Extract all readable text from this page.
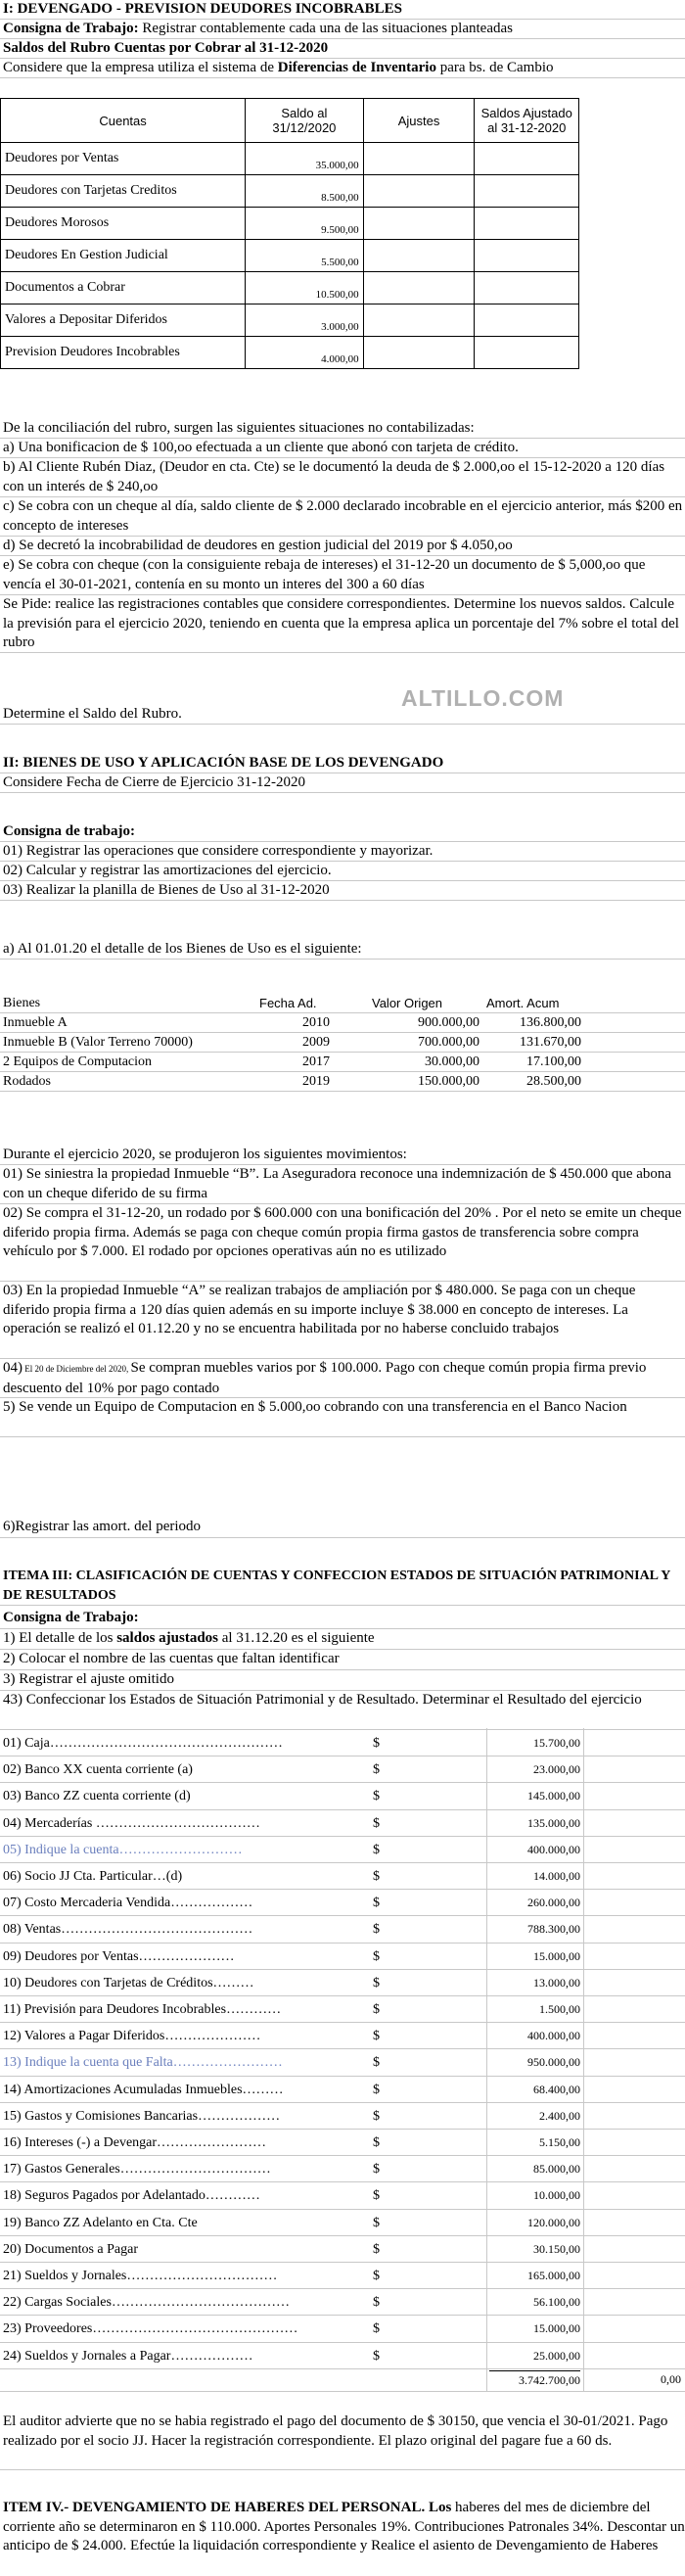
I: DEVENGADO - PREVISION DEUDORES INCOBRABLES
Consigna de Trabajo: Registrar contablemente cada una de las situaciones planteadas
Saldos del Rubro Cuentas por Cobrar al 31-12-2020
Considere que la empresa utiliza el sistema de Diferencias de Inventario para bs. de Cambio
Cuentas	Saldo al 31/12/2020	Ajustes	Saldos Ajustado al 31-12-2020
Deudores por Ventas	35.000,00		
Deudores con Tarjetas Creditos	8.500,00		
Deudores Morosos	9.500,00		
Deudores En Gestion Judicial	5.500,00		
Documentos a Cobrar	10.500,00		
Valores a Depositar Diferidos	3.000,00		
Prevision Deudores Incobrables	4.000,00		
De la conciliación del rubro, surgen las siguientes situaciones no contabilizadas:
a) Una bonificacion de $ 100,oo efectuada a un cliente que abonó con tarjeta de crédito.
b) Al Cliente Rubén Diaz, (Deudor en cta. Cte) se le documentó la deuda de $ 2.000,oo el 15-12-2020 a 120 días con un interés de $ 240,oo
c) Se cobra con un cheque al día, saldo cliente de $ 2.000 declarado incobrable en el ejercicio anterior, más $200 en concepto de intereses
d) Se decretó la incobrabilidad de deudores en gestion judicial del 2019 por $ 4.050,oo
e) Se cobra con cheque (con la consiguiente rebaja de intereses) el 31-12-20 un documento de $ 5,000,oo que vencía el 30-01-2021, contenía en su monto un interes del 300 a 60 días
Se Pide: realice las registraciones contables que considere correspondientes. Determine los nuevos saldos. Calcule la previsión para el ejercicio 2020, teniendo en cuenta que la empresa aplica un porcentaje del 7% sobre el total del rubro
Determine el Saldo del Rubro.
ALTILLO.COM
II: BIENES DE USO Y APLICACIÓN BASE DE LOS DEVENGADO
Considere Fecha de Cierre de Ejercicio 31-12-2020
Consigna de trabajo:
01) Registrar las operaciones que considere correspondiente y mayorizar.
02) Calcular y registrar las amortizaciones del ejercicio.
03) Realizar la planilla de Bienes de Uso al 31-12-2020
a) Al 01.01.20 el detalle de los Bienes de Uso es el siguiente:
Bienes	Fecha Ad.	Valor Origen	Amort. Acum
Inmueble A	2010	900.000,00	136.800,00
Inmueble B (Valor Terreno 70000)	2009	700.000,00	131.670,00
2 Equipos de Computacion	2017	30.000,00	17.100,00
Rodados	2019	150.000,00	28.500,00
Durante el ejercicio 2020, se produjeron los siguientes movimientos:
01) Se siniestra la propiedad Inmueble “B”. La Aseguradora reconoce una indemnización de $ 450.000 que abona con un cheque diferido de su firma
02) Se compra el 31-12-20, un rodado por $ 600.000 con una bonificación del 20% . Por el neto se emite un cheque diferido propia firma. Además se paga con cheque común propia firma gastos de transferencia sobre compra vehículo por $ 7.000. El rodado por opciones operativas aún no es utilizado
03) En la propiedad Inmueble “A” se realizan trabajos de ampliación por $ 480.000. Se paga con un cheque diferido propia firma a 120 días quien además en su importe incluye $ 38.000 en concepto de intereses. La operación se realizó el 01.12.20 y no se encuentra habilitada por no haberse concluido trabajos
04) El 20 de Diciembre del 2020, Se compran muebles varios por $ 100.000. Pago con cheque común propia firma previo descuento del 10% por pago contado
5) Se vende un Equipo de Computacion en $ 5.000,oo cobrando con una transferencia en el Banco Nacion
6)Registrar las amort. del periodo
ITEMA III: CLASIFICACIÓN DE CUENTAS Y CONFECCION ESTADOS DE SITUACIÓN PATRIMONIAL Y DE RESULTADOS
Consigna de Trabajo:
1) El detalle de los saldos ajustados al 31.12.20 es el siguiente
2) Colocar el nombre de las cuentas que faltan identificar
3) Registrar el ajuste omitido
43) Confeccionar los Estados de Situación Patrimonial y de Resultado. Determinar el Resultado del ejercicio
01) Caja……………………………………………	$	15.700,00
02) Banco XX cuenta corriente (a)	$	23.000,00
03) Banco ZZ cuenta corriente (d)	$	145.000,00
04) Mercaderías ………………………………	$	135.000,00
05) Indique la cuenta………………………	$	400.000,00
06) Socio JJ Cta. Particular…(d)	$	14.000,00
07) Costo Mercaderia Vendida………………	$	260.000,00
08) Ventas……………………………………	$	788.300,00
09) Deudores por Ventas…………………	$	15.000,00
10) Deudores con Tarjetas de Créditos………	$	13.000,00
11) Previsión para Deudores Incobrables…………	$	1.500,00
12) Valores a Pagar Diferidos…………………	$	400.000,00
13) Indique la cuenta que Falta……………………	$	950.000,00
14) Amortizaciones Acumuladas Inmuebles………	$	68.400,00
15) Gastos y Comisiones Bancarias………………	$	2.400,00
16) Intereses (-) a Devengar……………………	$	5.150,00
17) Gastos Generales……………………………	$	85.000,00
18) Seguros Pagados por Adelantado…………	$	10.000,00
19) Banco ZZ Adelanto en Cta. Cte	$	120.000,00
20) Documentos a Pagar	$	30.150,00
21) Sueldos y Jornales……………………………	$	165.000,00
22) Cargas Sociales…………………………………	$	56.100,00
23) Proveedores………………………………………	$	15.000,00
24) Sueldos y Jornales a Pagar………………	$	25.000,00
3.742.700,00	0,00
El auditor advierte que no se habia registrado el pago del documento de $ 30150, que vencia el 30-01/2021. Pago realizado por el socio JJ. Hacer la registración correspondiente. El plazo original del pagare fue a 60 ds.
ITEM IV.- DEVENGAMIENTO DE HABERES DEL PERSONAL. Los haberes del mes de diciembre del corriente año se determinaron en $ 110.000. Aportes Personales 19%. Contribuciones Patronales 34%. Descontar un anticipo de $ 24.000. Efectúe la liquidación correspondiente y Realice el asiento de Devengamiento de Haberes
